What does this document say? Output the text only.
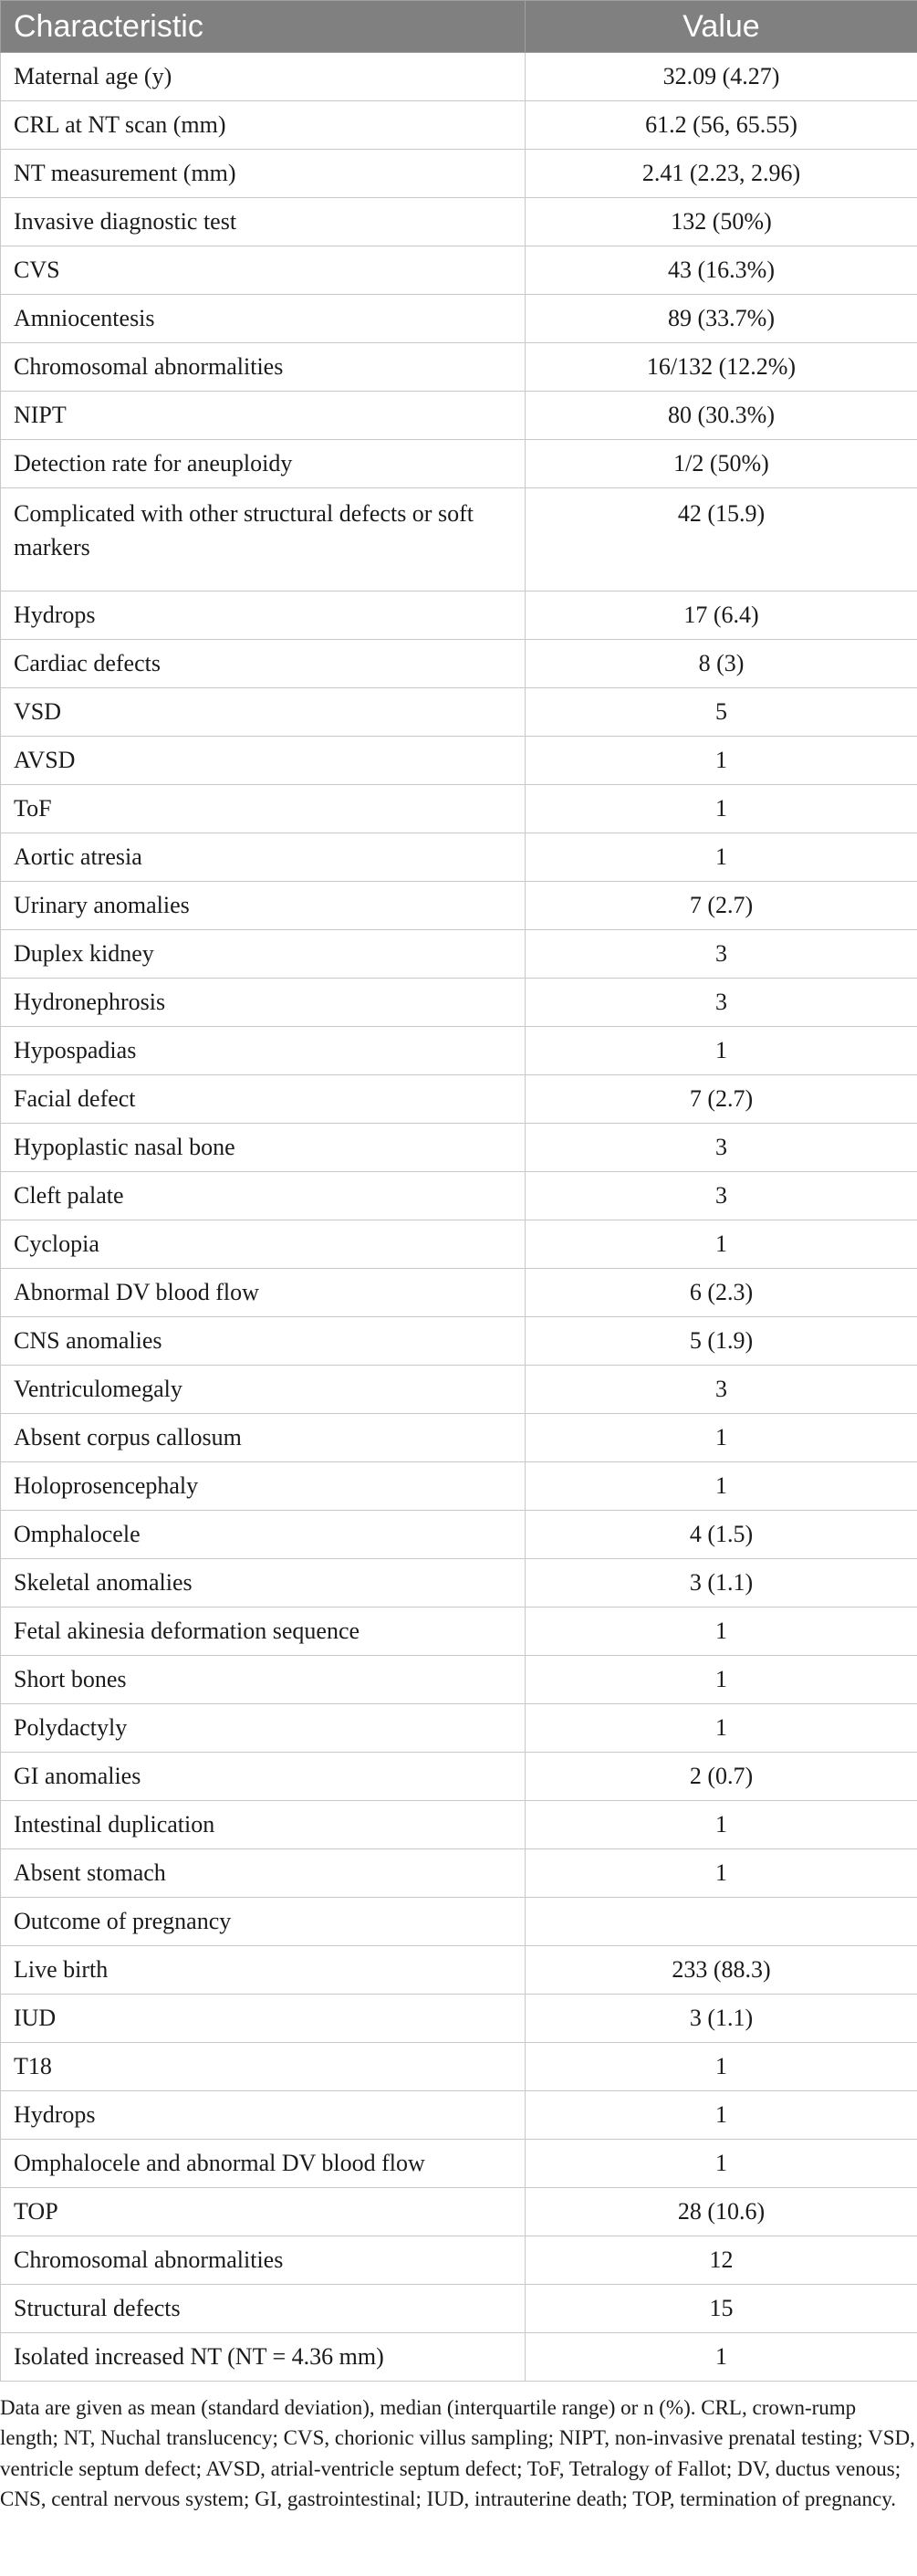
Characteristic	Value
Maternal age (y)	32.09 (4.27)
CRL at NT scan (mm)	61.2 (56, 65.55)
NT measurement (mm)	2.41 (2.23, 2.96)
Invasive diagnostic test	132 (50%)
CVS	43 (16.3%)
Amniocentesis	89 (33.7%)
Chromosomal abnormalities	16/132 (12.2%)
NIPT	80 (30.3%)
Detection rate for aneuploidy	1/2 (50%)
Complicated with other structural defects or soft markers	42 (15.9)
Hydrops	17 (6.4)
Cardiac defects	8 (3)
VSD	5
AVSD	1
ToF	1
Aortic atresia	1
Urinary anomalies	7 (2.7)
Duplex kidney	3
Hydronephrosis	3
Hypospadias	1
Facial defect	7 (2.7)
Hypoplastic nasal bone	3
Cleft palate	3
Cyclopia	1
Abnormal DV blood flow	6 (2.3)
CNS anomalies	5 (1.9)
Ventriculomegaly	3
Absent corpus callosum	1
Holoprosencephaly	1
Omphalocele	4 (1.5)
Skeletal anomalies	3 (1.1)
Fetal akinesia deformation sequence	1
Short bones	1
Polydactyly	1
GI anomalies	2 (0.7)
Intestinal duplication	1
Absent stomach	1
Outcome of pregnancy	
Live birth	233 (88.3)
IUD	3 (1.1)
T18	1
Hydrops	1
Omphalocele and abnormal DV blood flow	1
TOP	28 (10.6)
Chromosomal abnormalities	12
Structural defects	15
Isolated increased NT (NT = 4.36 mm)	1
Data are given as mean (standard deviation), median (interquartile range) or n (%). CRL, crown-rump length; NT, Nuchal translucency; CVS, chorionic villus sampling; NIPT, non-invasive prenatal testing; VSD, ventricle septum defect; AVSD, atrial-ventricle septum defect; ToF, Tetralogy of Fallot; DV, ductus venous; CNS, central nervous system; GI, gastrointestinal; IUD, intrauterine death; TOP, termination of pregnancy.
